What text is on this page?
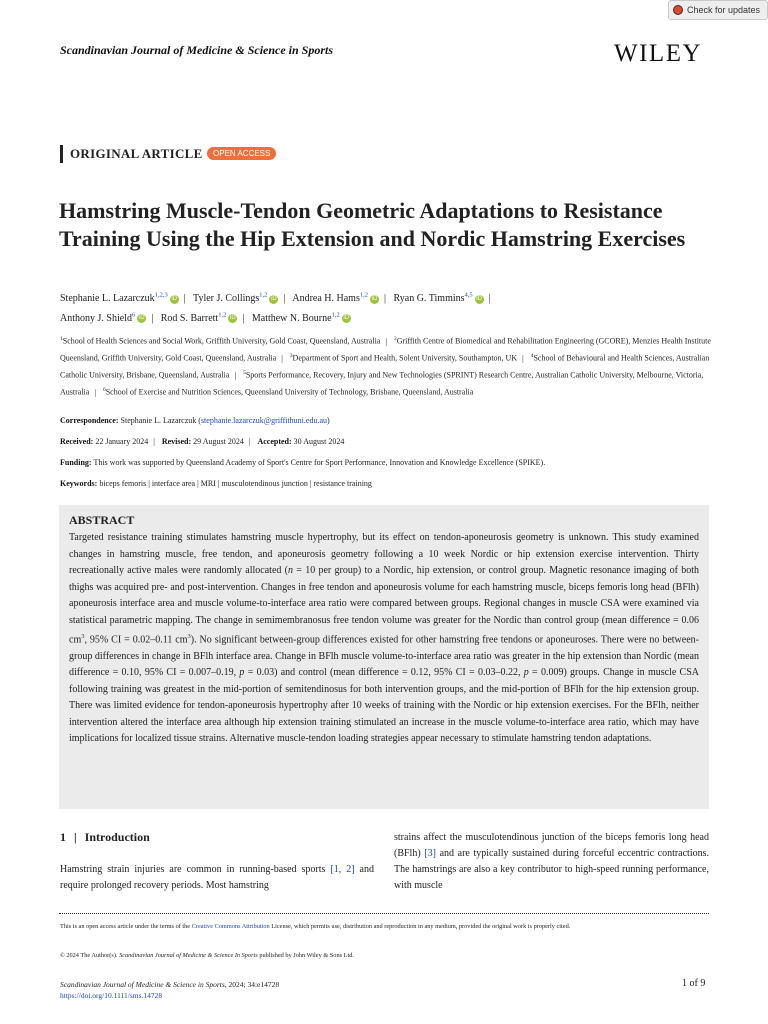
Check for updates
Scandinavian Journal of Medicine & Science in Sports	WILEY
ORIGINAL ARTICLE	OPEN ACCESS
Hamstring Muscle-Tendon Geometric Adaptations to Resistance Training Using the Hip Extension and Nordic Hamstring Exercises
Stephanie L. Lazarczuk$^{1,2,3}$ iD | Tyler J. Collings$^{1,2}$ iD | Andrea H. Hams$^{1,2}$ iD | Ryan G. Timmins$^{4,5}$ iD |
Anthony J. Shield$^6$ iD | Rod S. Barrett$^{1,2}$ iD | Matthew N. Bourne$^{1,2}$ iD
$^1$School of Health Sciences and Social Work, Griffith University, Gold Coast, Queensland, Australia | $^2$Griffith Centre of Biomedical and Rehabilitation Engineering (GCORE), Menzies Health Institute Queensland, Griffith University, Gold Coast, Queensland, Australia | $^3$Department of Sport and Health, Solent University, Southampton, UK | $^4$School of Behavioural and Health Sciences, Australian Catholic University, Brisbane, Queensland, Australia | $^5$Sports Performance, Recovery, Injury and New Technologies (SPRINT) Research Centre, Australian Catholic University, Melbourne, Victoria, Australia | $^6$School of Exercise and Nutrition Sciences, Queensland University of Technology, Brisbane, Queensland, Australia
Correspondence: Stephanie L. Lazarczuk (stephanie.lazarczuk@griffithuni.edu.au)
Received: 22 January 2024 | Revised: 29 August 2024 | Accepted: 30 August 2024
Funding: This work was supported by Queensland Academy of Sport's Centre for Sport Performance, Innovation and Knowledge Excellence (SPIKE).
Keywords: biceps femoris | interface area | MRI | musculotendinous junction | resistance training
ABSTRACT
Targeted resistance training stimulates hamstring muscle hypertrophy, but its effect on tendon-aponeurosis geometry is unknown. This study examined changes in hamstring muscle, free tendon, and aponeurosis geometry following a 10 week Nordic or hip extension exercise intervention. Thirty recreationally active males were randomly allocated (n = 10 per group) to a Nordic, hip extension, or control group. Magnetic resonance imaging of both thighs was acquired pre- and post-intervention. Changes in free tendon and aponeurosis volume for each hamstring muscle, biceps femoris long head (BFlh) aponeurosis interface area and muscle volume-to-interface area ratio were compared between groups. Regional changes in muscle CSA were examined via statistical parametric mapping. The change in semimembranosus free tendon volume was greater for the Nordic than control group (mean difference = 0.06 $cm^3$, 95% CI = 0.02–0.11 $cm^3$). No significant between-group differences existed for other hamstring free tendons or aponeuroses. There were no between-group differences in change in BFlh interface area. Change in BFlh muscle volume-to-interface area ratio was greater in the hip extension than Nordic (mean difference = 0.10, 95% CI = 0.007–0.19, p = 0.03) and control (mean difference = 0.12, 95% CI = 0.03–0.22, p = 0.009) groups. Change in muscle CSA following training was greatest in the mid-portion of semitendinosus for both intervention groups, and the mid-portion of BFlh for the hip extension group. There was limited evidence for tendon-aponeurosis hypertrophy after 10 weeks of training with the Nordic or hip extension exercises. For the BFlh, neither intervention altered the interface area although hip extension training stimulated an increase in the muscle volume-to-interface area ratio, which may have implications for localized tissue strains. Alternative muscle-tendon loading strategies appear necessary to stimulate hamstring tendon adaptations.
1 | Introduction
Hamstring strain injuries are common in running-based sports [1, 2] and require prolonged recovery periods. Most hamstring
strains affect the musculotendinous junction of the biceps femoris long head (BFlh) [3] and are typically sustained during forceful eccentric contractions. The hamstrings are also a key contributor to high-speed running performance, with muscle
This is an open access article under the terms of the Creative Commons Attribution License, which permits use, distribution and reproduction in any medium, provided the original work is properly cited.
© 2024 The Author(s). Scandinavian Journal of Medicine & Science In Sports published by John Wiley & Sons Ltd.
Scandinavian Journal of Medicine & Science in Sports, 2024; 34:e14728
https://doi.org/10.1111/sms.14728
1 of 9
